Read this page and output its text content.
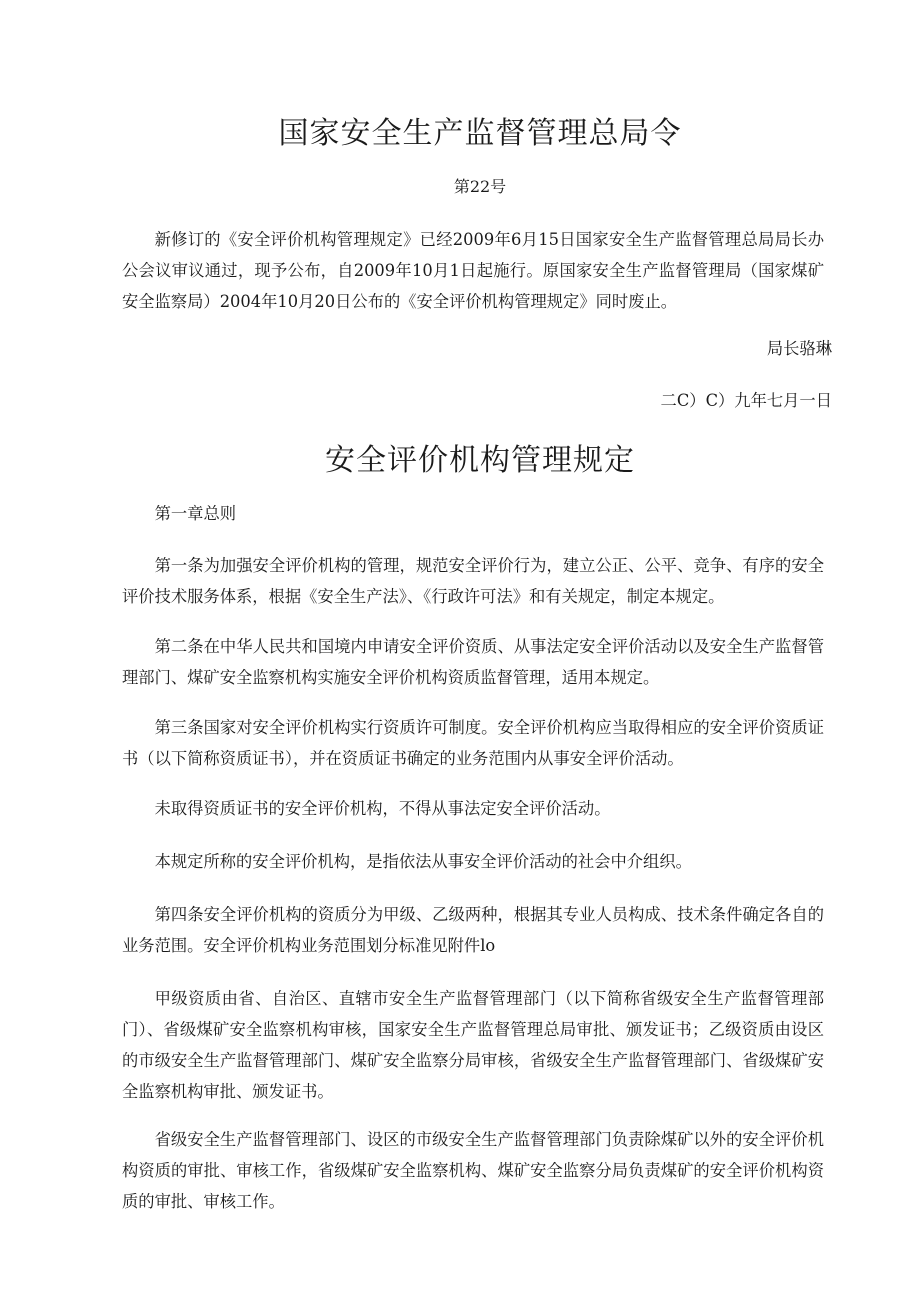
国家安全生产监督管理总局令
第22号

新修订的《安全评价机构管理规定》已经2009年6月15日国家安全生产监督管理总局局长办公会议审议通过，现予公布，自2009年10月1日起施行。原国家安全生产监督管理局（国家煤矿安全监察局）2004年10月20日公布的《安全评价机构管理规定》同时废止。

局长骆琳

二C）C）九年七月一日

安全评价机构管理规定

第一章总则

第一条为加强安全评价机构的管理，规范安全评价行为，建立公正、公平、竞争、有序的安全评价技术服务体系，根据《安全生产法》、《行政许可法》和有关规定，制定本规定。

第二条在中华人民共和国境内申请安全评价资质、从事法定安全评价活动以及安全生产监督管理部门、煤矿安全监察机构实施安全评价机构资质监督管理，适用本规定。

第三条国家对安全评价机构实行资质许可制度。安全评价机构应当取得相应的安全评价资质证书（以下简称资质证书），并在资质证书确定的业务范围内从事安全评价活动。

未取得资质证书的安全评价机构，不得从事法定安全评价活动。

本规定所称的安全评价机构，是指依法从事安全评价活动的社会中介组织。

第四条安全评价机构的资质分为甲级、乙级两种，根据其专业人员构成、技术条件确定各自的业务范围。安全评价机构业务范围划分标准见附件lo

甲级资质由省、自治区、直辖市安全生产监督管理部门（以下简称省级安全生产监督管理部门）、省级煤矿安全监察机构审核，国家安全生产监督管理总局审批、颁发证书；乙级资质由设区的市级安全生产监督管理部门、煤矿安全监察分局审核，省级安全生产监督管理部门、省级煤矿安全监察机构审批、颁发证书。

省级安全生产监督管理部门、设区的市级安全生产监督管理部门负责除煤矿以外的安全评价机构资质的审批、审核工作，省级煤矿安全监察机构、煤矿安全监察分局负责煤矿的安全评价机构资质的审批、审核工作。
